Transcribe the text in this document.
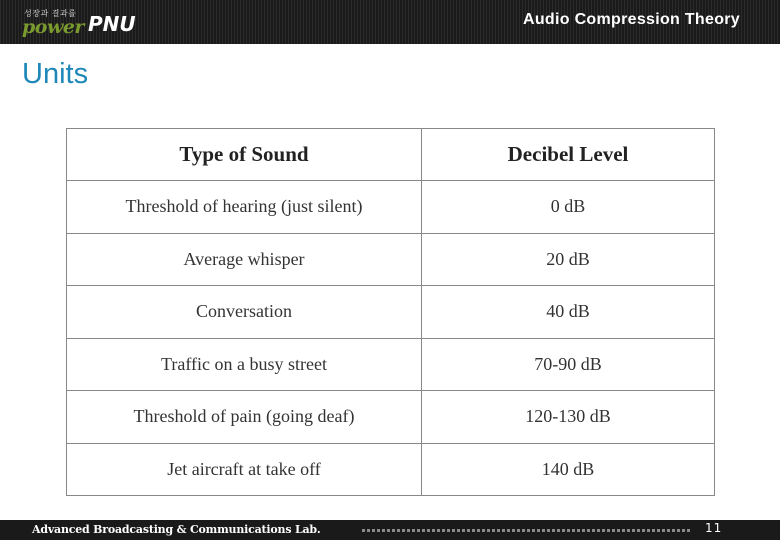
성장과 결과를
power PNU	Audio Compression Theory
Units
Type of Sound	Decibel Level
Threshold of hearing (just silent)	0 dB
Average whisper	20 dB
Conversation	40 dB
Traffic on a busy street	70-90 dB
Threshold of pain (going deaf)	120-130 dB
Jet aircraft at take off	140 dB
Advanced Broadcasting & Communications Lab.	11
